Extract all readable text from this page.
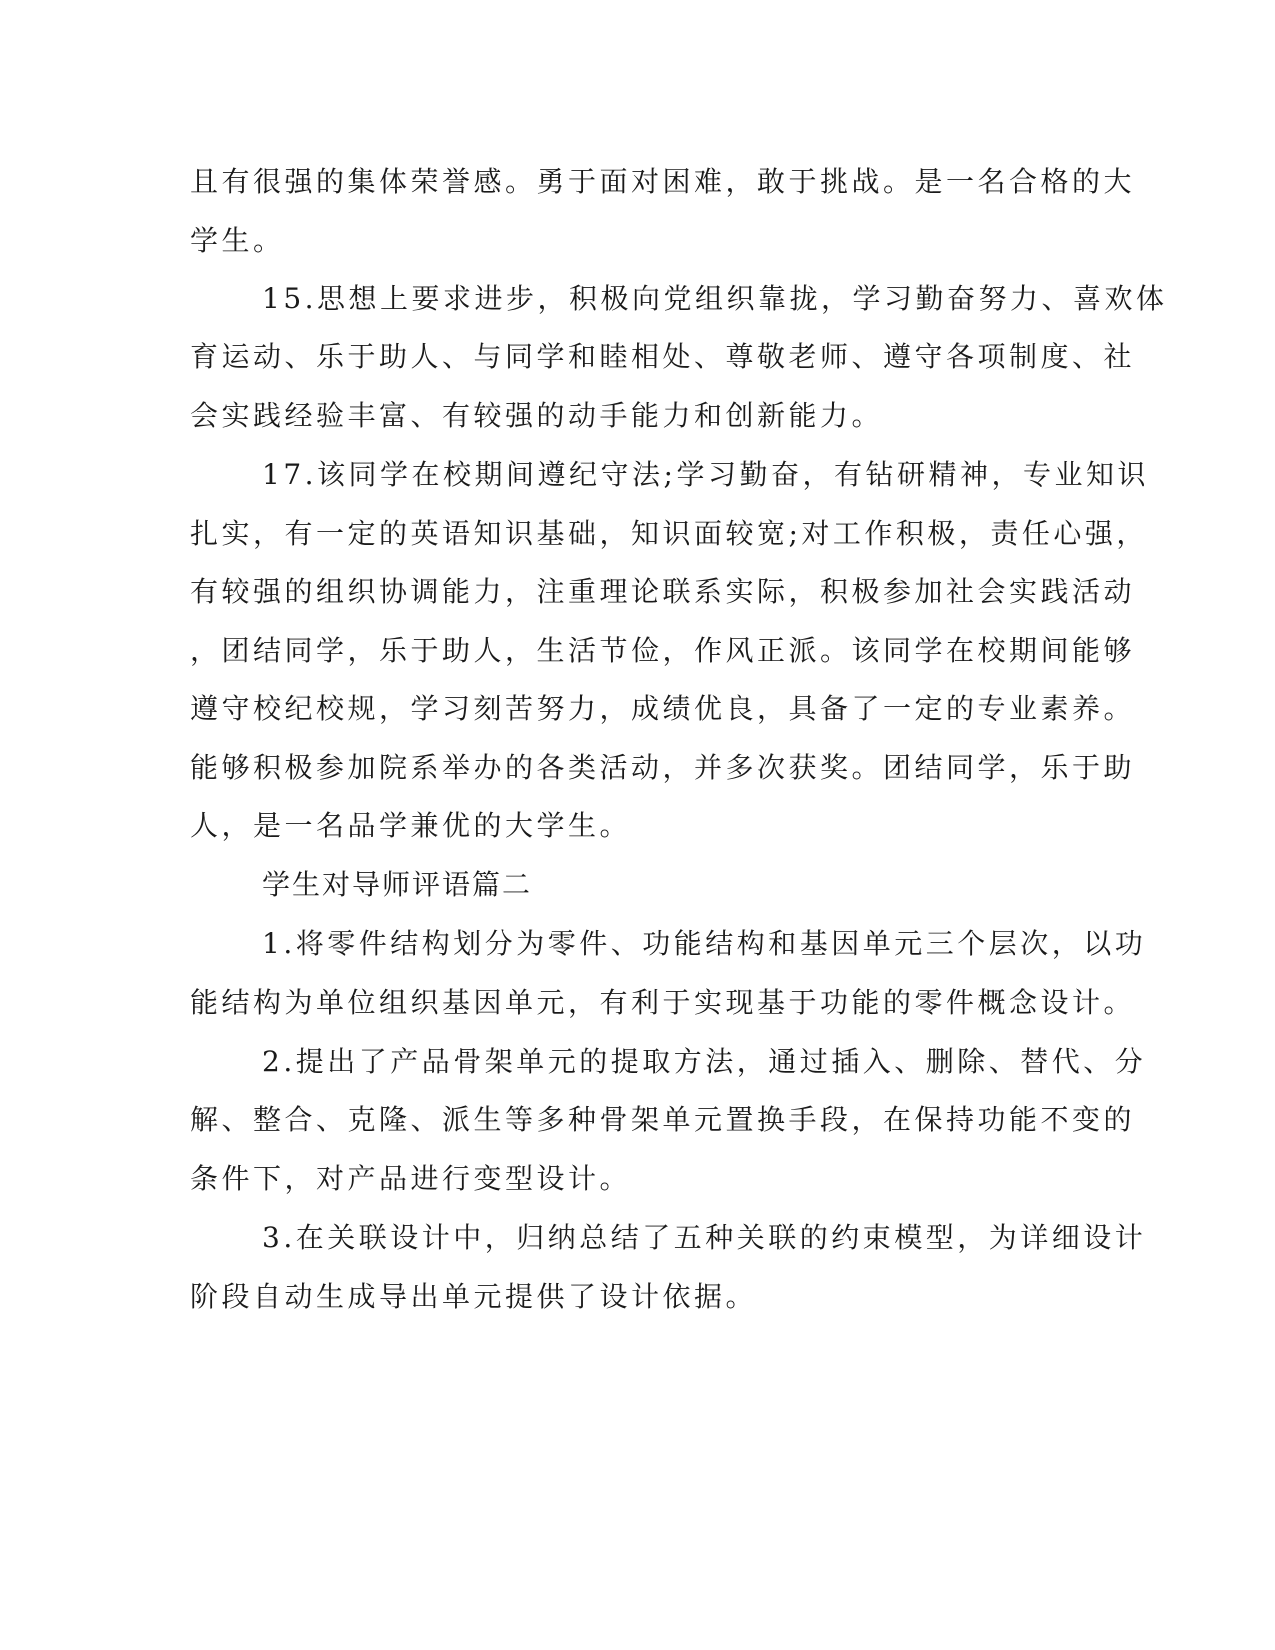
且有很强的集体荣誉感。勇于面对困难，敢于挑战。是一名合格的大
学生。
15.思想上要求进步，积极向党组织靠拢，学习勤奋努力、喜欢体
育运动、乐于助人、与同学和睦相处、尊敬老师、遵守各项制度、社
会实践经验丰富、有较强的动手能力和创新能力。
17.该同学在校期间遵纪守法;学习勤奋，有钻研精神，专业知识
扎实，有一定的英语知识基础，知识面较宽;对工作积极，责任心强，
有较强的组织协调能力，注重理论联系实际，积极参加社会实践活动
，团结同学，乐于助人，生活节俭，作风正派。该同学在校期间能够
遵守校纪校规，学习刻苦努力，成绩优良，具备了一定的专业素养。
能够积极参加院系举办的各类活动，并多次获奖。团结同学，乐于助
人，是一名品学兼优的大学生。
学生对导师评语篇二
1.将零件结构划分为零件、功能结构和基因单元三个层次，以功
能结构为单位组织基因单元，有利于实现基于功能的零件概念设计。
2.提出了产品骨架单元的提取方法，通过插入、删除、替代、分
解、整合、克隆、派生等多种骨架单元置换手段，在保持功能不变的
条件下，对产品进行变型设计。
3.在关联设计中，归纳总结了五种关联的约束模型，为详细设计
阶段自动生成导出单元提供了设计依据。
